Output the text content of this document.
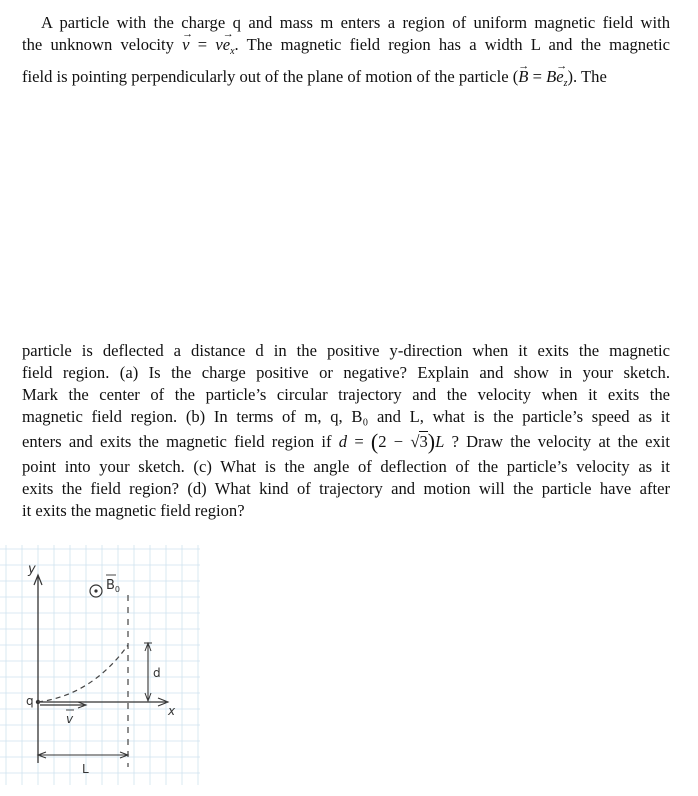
A particle with the charge q and mass m enters a region of uniform magnetic field with
the unknown velocity → $v = v\to e_x$. The magnetic field region has a width L and the magnetic
field is pointing perpendicularly out of the plane of motion of the particle (→ $B = B\to e_z$). The
particle is deflected a distance d in the positive y-direction when it exits the magnetic
field region. (a) Is the charge positive or negative? Explain and show in your sketch.
Mark the center of the particle’s circular trajectory and the velocity when it exits the
magnetic field region. (b) In terms of m, q, B₀ and L, what is the particle’s speed as it
enters and exits the magnetic field region if d = (2 − √3)L ? Draw the velocity at the exit
point into your sketch. (c) What is the angle of deflection of the particle’s velocity as it
exits the field region? (d) What kind of trajectory and motion will the particle have after
it exits the magnetic field region?
y
x
q
v
$B_0$
d
L
